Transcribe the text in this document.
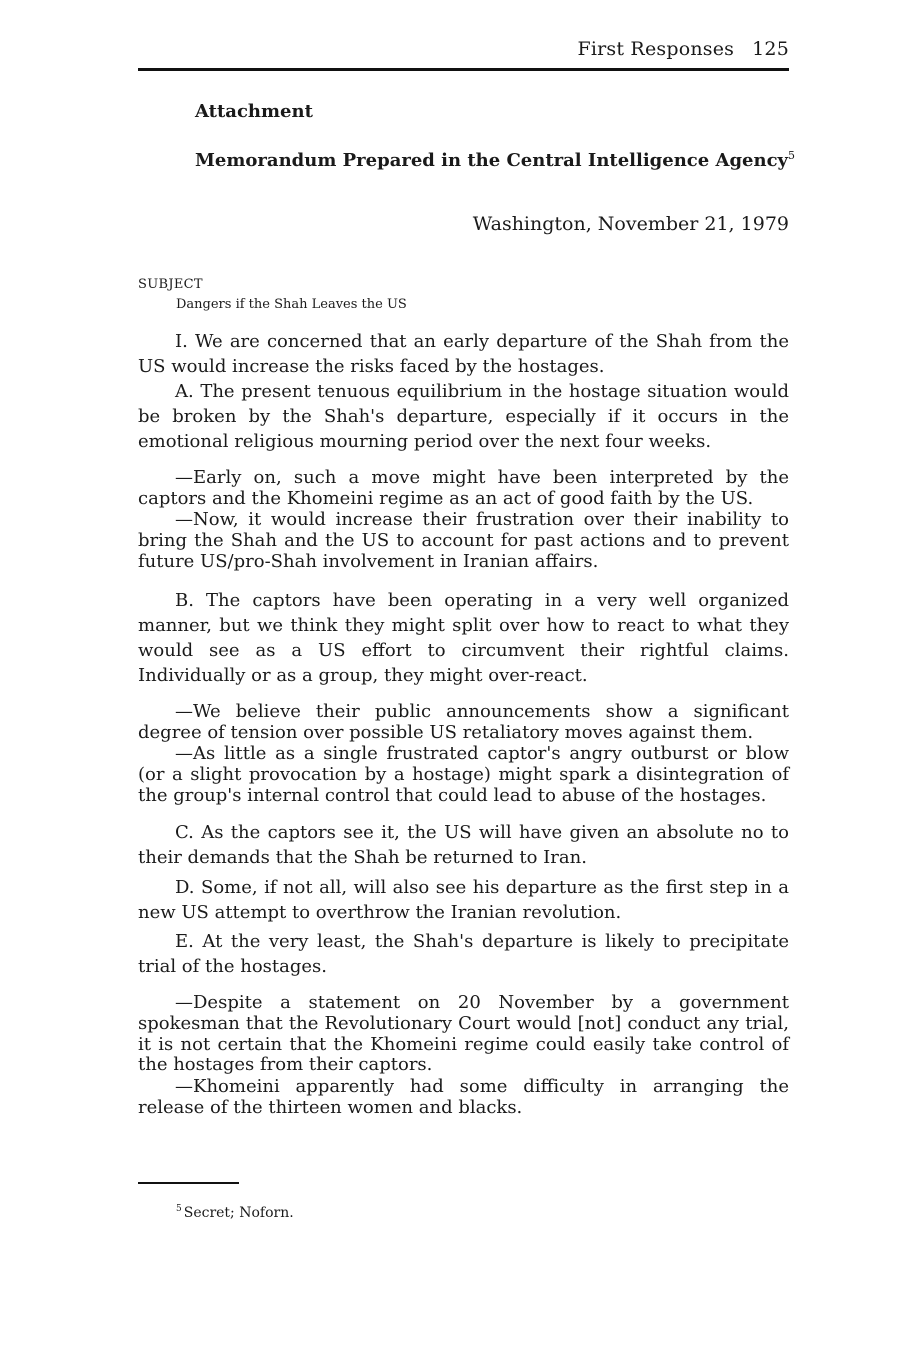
First Responses 125
Attachment
Memorandum Prepared in the Central Intelligence Agency$^5$
Washington, November 21, 1979
SUBJECT
Dangers if the Shah Leaves the US

I. We are concerned that an early departure of the Shah from the US would increase the risks faced by the hostages.

A. The present tenuous equilibrium in the hostage situation would be broken by the Shah's departure, especially if it occurs in the emotional religious mourning period over the next four weeks.

—Early on, such a move might have been interpreted by the captors and the Khomeini regime as an act of good faith by the US.

—Now, it would increase their frustration over their inability to bring the Shah and the US to account for past actions and to prevent future US/pro-Shah involvement in Iranian affairs.

B. The captors have been operating in a very well organized manner, but we think they might split over how to react to what they would see as a US effort to circumvent their rightful claims. Individually or as a group, they might over-react.

—We believe their public announcements show a significant degree of tension over possible US retaliatory moves against them.

—As little as a single frustrated captor's angry outburst or blow (or a slight provocation by a hostage) might spark a disintegration of the group's internal control that could lead to abuse of the hostages.

C. As the captors see it, the US will have given an absolute no to their demands that the Shah be returned to Iran.

D. Some, if not all, will also see his departure as the first step in a new US attempt to overthrow the Iranian revolution.

E. At the very least, the Shah's departure is likely to precipitate trial of the hostages.

—Despite a statement on 20 November by a government spokesman that the Revolutionary Court would [not] conduct any trial, it is not certain that the Khomeini regime could easily take control of the hostages from their captors.

—Khomeini apparently had some difficulty in arranging the release of the thirteen women and blacks.

$^5$ Secret; Noforn.
